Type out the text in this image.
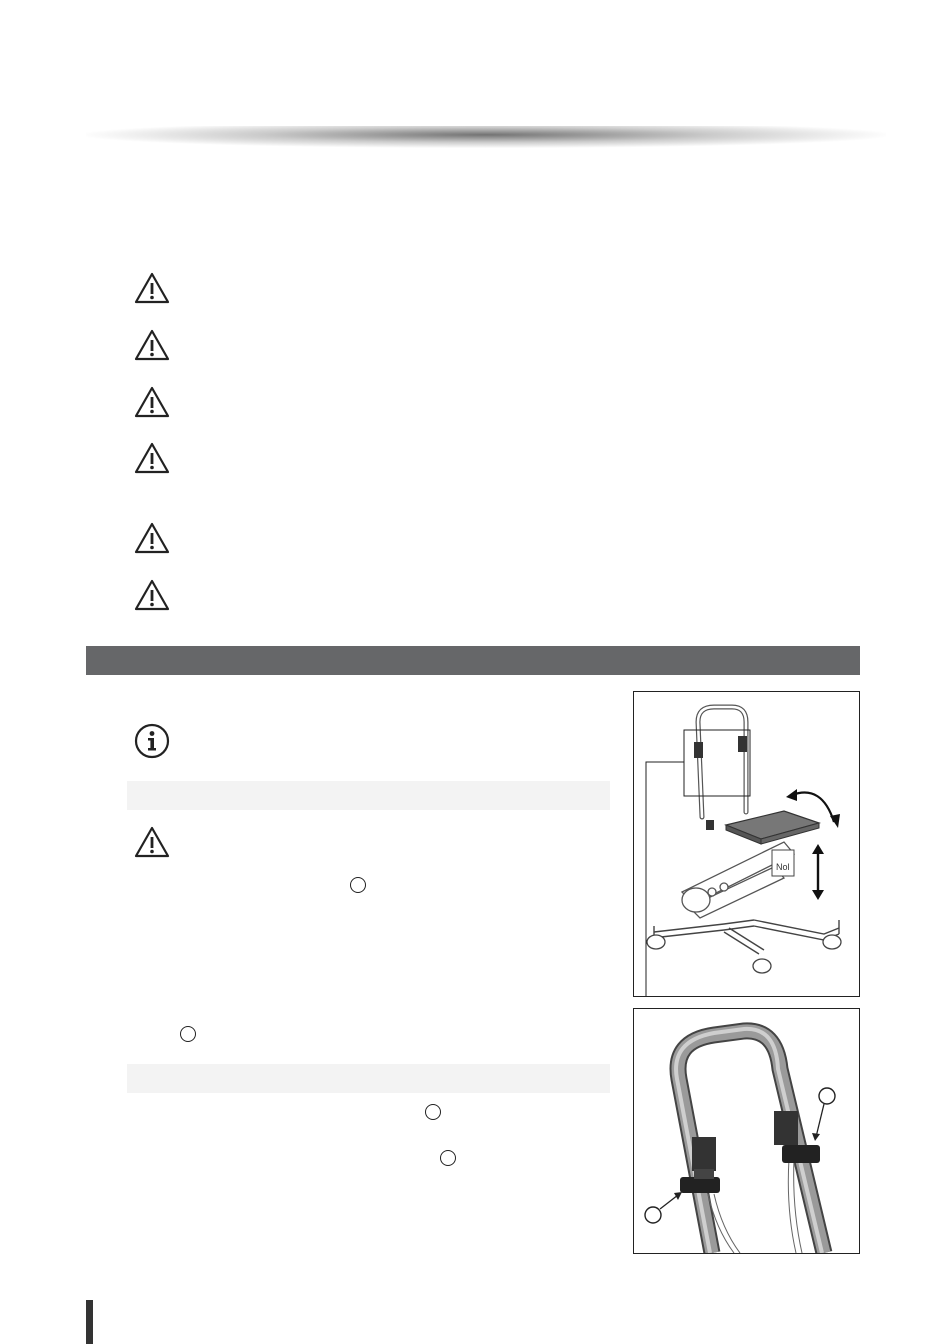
Nol
